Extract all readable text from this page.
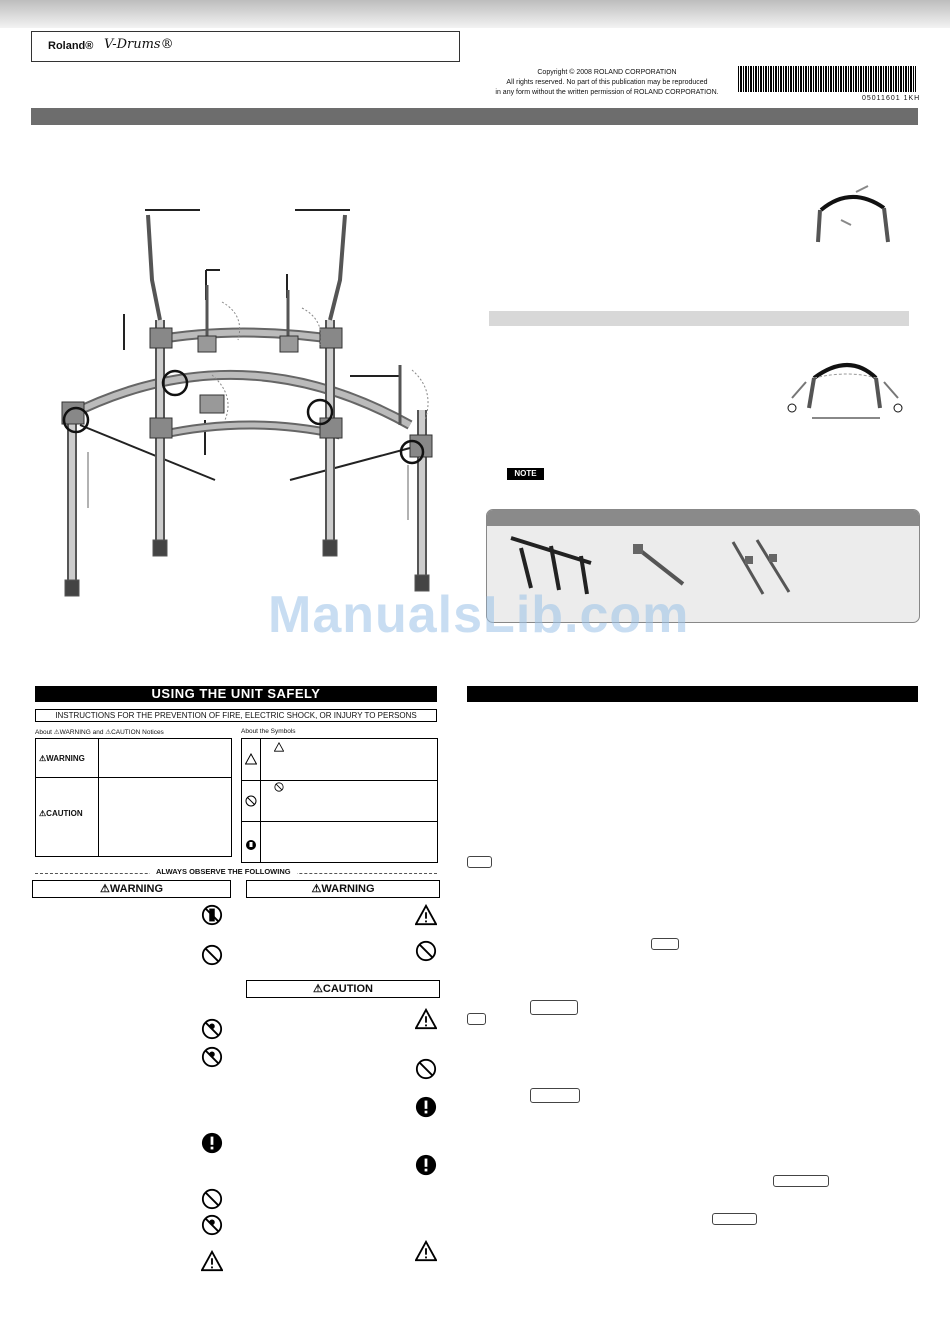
Roland® V-Drums®
Copyright © 2008 ROLAND CORPORATION
All rights reserved. No part of this publication may be reproduced
in any form without the written permission of ROLAND CORPORATION.
05011601 1KH
NOTE
ManualsLib.com
USING THE UNIT SAFELY
INSTRUCTIONS FOR THE PREVENTION OF FIRE, ELECTRIC SHOCK, OR INJURY TO PERSONS
About ⚠WARNING and ⚠CAUTION Notices	About the Symbols
⚠WARNING
⚠CAUTION
ALWAYS OBSERVE THE FOLLOWING
⚠WARNING	⚠WARNING
⚠CAUTION
